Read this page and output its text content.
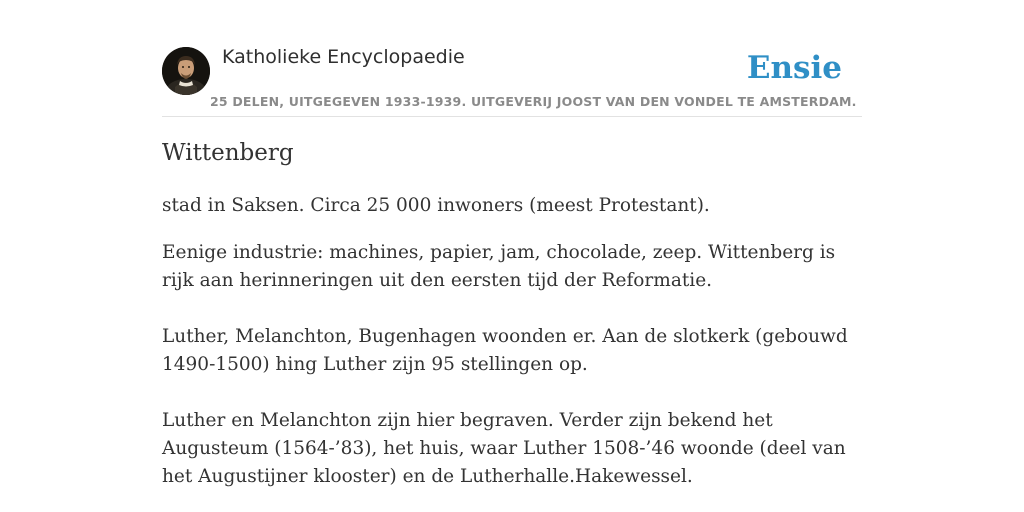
Katholieke Encyclopaedie
25 DELEN, UITGEGEVEN 1933-1939. UITGEVERIJ JOOST VAN DEN VONDEL TE AMSTERDAM.
Ensie
Wittenberg

stad in Saksen. Circa 25 000 inwoners (meest Protestant).

Eenige industrie: machines, papier, jam, chocolade, zeep. Wittenberg is rijk aan herinneringen uit den eersten tijd der Reformatie.

Luther, Melanchton, Bugenhagen woonden er. Aan de slotkerk (gebouwd 1490-1500) hing Luther zijn 95 stellingen op.

Luther en Melanchton zijn hier begraven. Verder zijn bekend het Augusteum (1564-’83), het huis, waar Luther 1508-’46 woonde (deel van het Augustijner klooster) en de Lutherhalle.Hakewessel.
